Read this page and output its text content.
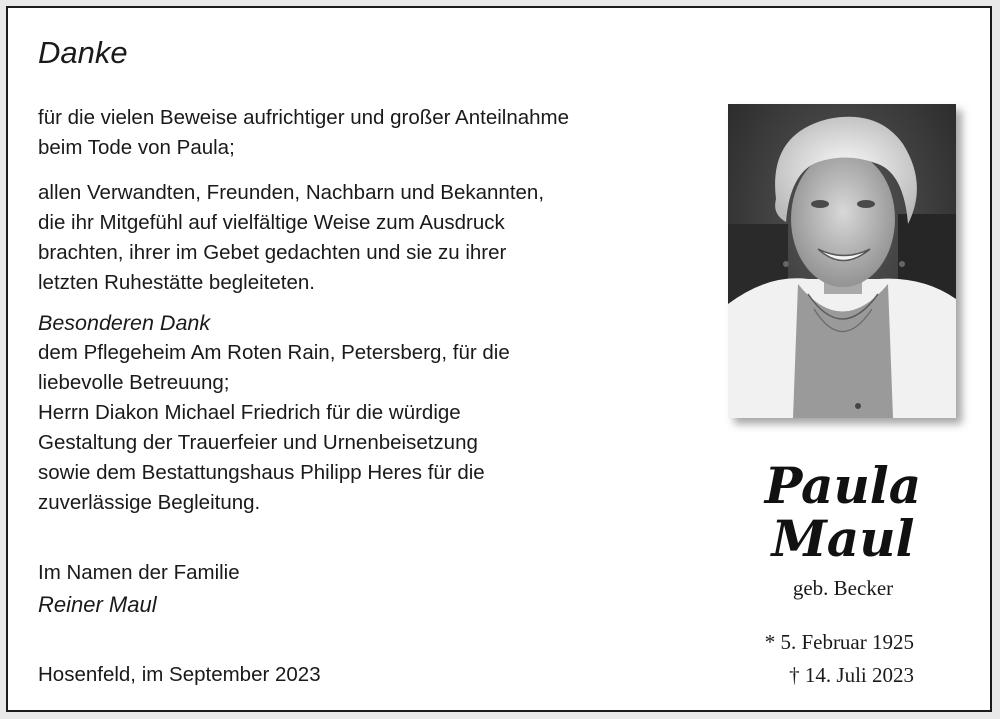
Danke
für die vielen Beweise aufrichtiger und großer Anteilnahme
beim Tode von Paula;
allen Verwandten, Freunden, Nachbarn und Bekannten,
die ihr Mitgefühl auf vielfältige Weise zum Ausdruck
brachten, ihrer im Gebet gedachten und sie zu ihrer
letzten Ruhestätte begleiteten.
Besonderen Dank
dem Pflegeheim Am Roten Rain, Petersberg, für die
liebevolle Betreuung;
Herrn Diakon Michael Friedrich für die würdige
Gestaltung der Trauerfeier und Urnenbeisetzung
sowie dem Bestattungshaus Philipp Heres für die
zuverlässige Begleitung.
Im Namen der Familie
Reiner Maul
Hosenfeld, im September 2023
Paula
Maul
geb. Becker
* 5. Februar 1925
† 14. Juli 2023
